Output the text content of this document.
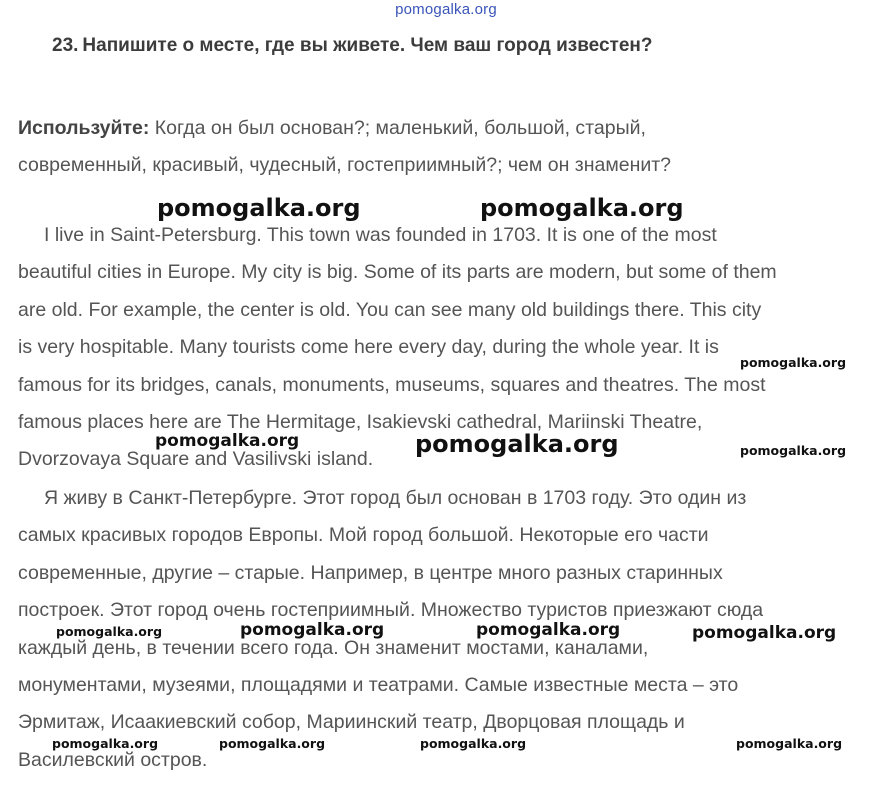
pomogalka.org
23. Напишите о месте, где вы живете. Чем ваш город известен?
Используйте: Когда он был основан?; маленький, большой, старый,
современный, красивый, чудесный, гостеприимный?; чем он знаменит?
I live in Saint-Petersburg. This town was founded in 1703. It is one of the most
beautiful cities in Europe. My city is big. Some of its parts are modern, but some of them
are old. For example, the center is old. You can see many old buildings there. This city
is very hospitable. Many tourists come here every day, during the whole year. It is
famous for its bridges, canals, monuments, museums, squares and theatres. The most
famous places here are The Hermitage, Isakievski cathedral, Mariinski Theatre,
Dvorzovaya Square and Vasilivski island.
Я живу в Санкт-Петербурге. Этот город был основан в 1703 году. Это один из
самых красивых городов Европы. Мой город большой. Некоторые его части
современные, другие – старые. Например, в центре много разных старинных
построек. Этот город очень гостеприимный. Множество туристов приезжают сюда
каждый день, в течении всего года. Он знаменит мостами, каналами,
монументами, музеями, площадями и театрами. Самые известные места – это
Эрмитаж, Исаакиевский собор, Мариинский театр, Дворцовая площадь и
Василевский остров.
pomogalka.org	pomogalka.org
pomogalka.org
pomogalka.org	pomogalka.org	pomogalka.org
pomogalka.org	pomogalka.org	pomogalka.org	pomogalka.org
pomogalka.org	pomogalka.org	pomogalka.org	pomogalka.org
